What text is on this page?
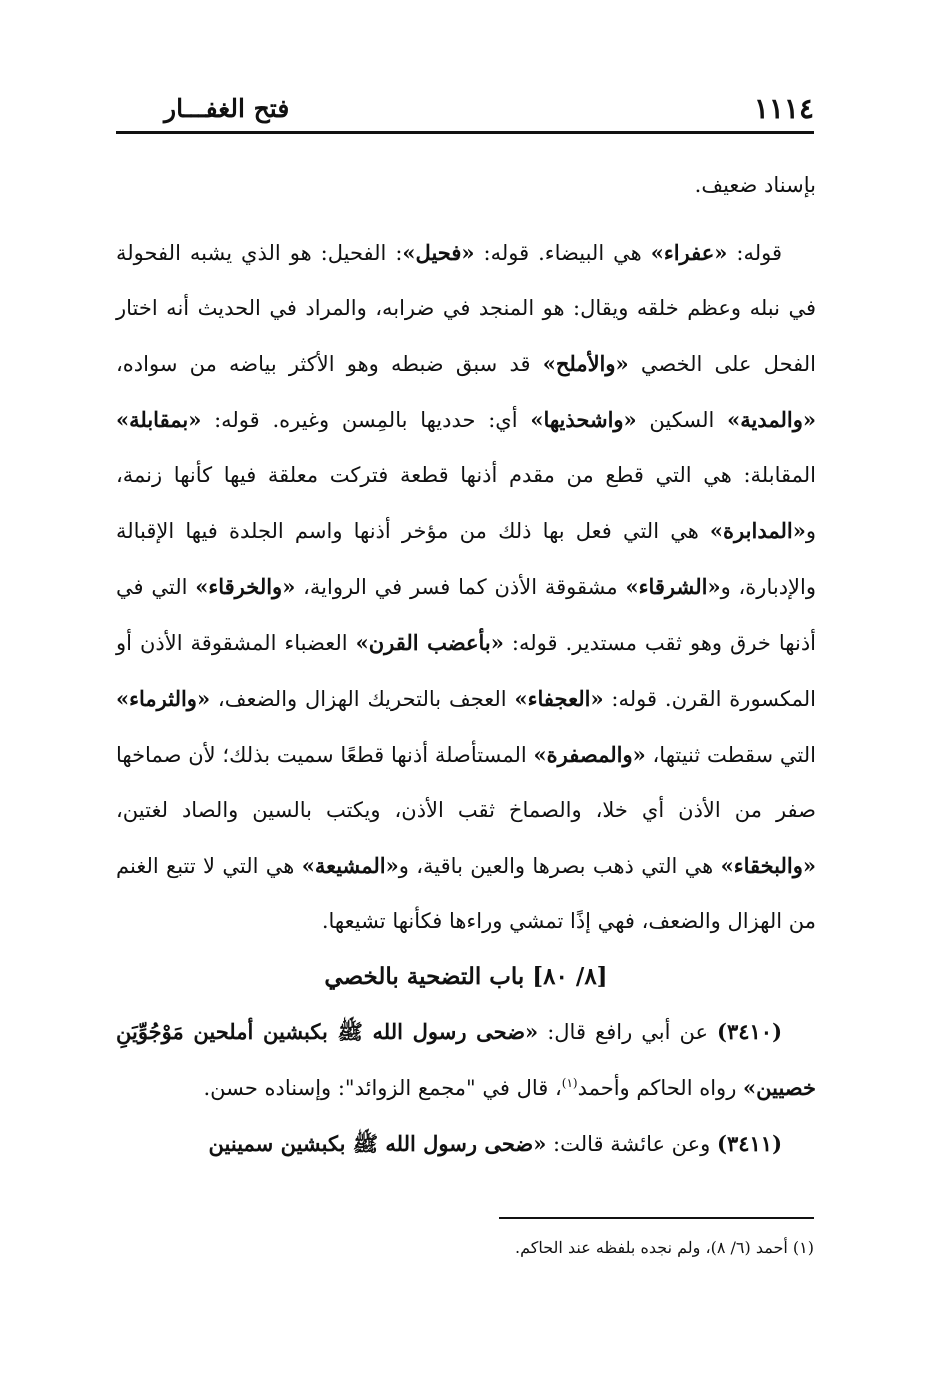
١١١٤
فتح الغفـــار

بإسناد ضعيف.

قوله: «عفراء» هي البيضاء. قوله: «فحيل»: الفحيل: هو الذي يشبه الفحولة في نبله وعظم خلقه ويقال: هو المنجد في ضرابه، والمراد في الحديث أنه اختار الفحل على الخصي «والأملح» قد سبق ضبطه وهو الأكثر بياضه من سواده، «والمدية» السكين «واشحذيها» أي: حدديها بالمِسن وغيره. قوله: «بمقابلة» المقابلة: هي التي قطع من مقدم أذنها قطعة فتركت معلقة فيها كأنها زنمة، و«المدابرة» هي التي فعل بها ذلك من مؤخر أذنها واسم الجلدة فيها الإقبالة والإدبارة، و«الشرقاء» مشقوقة الأذن كما فسر في الرواية، «والخرقاء» التي في أذنها خرق وهو ثقب مستدير. قوله: «بأعضب القرن» العضباء المشقوقة الأذن أو المكسورة القرن. قوله: «العجفاء» العجف بالتحريك الهزال والضعف، «والثرماء» التي سقطت ثنيتها، «والمصفرة» المستأصلة أذنها قطعًا سميت بذلك؛ لأن صماخها صفر من الأذن أي خلا، والصماخ ثقب الأذن، ويكتب بالسين والصاد لغتين، «والبخقاء» هي التي ذهب بصرها والعين باقية، و«المشيعة» هي التي لا تتبع الغنم من الهزال والضعف، فهي إذًا تمشي وراءها فكأنها تشيعها.

[٨/ ٨٠] باب التضحية بالخصي

(٣٤١٠) عن أبي رافع قال: «ضحى رسول الله ﷺ بكبشين أملحين مَوْجُوِّيَنِ خصيين» رواه الحاكم وأحمد$^{(١)}$، قال في "مجمع الزوائد": وإسناده حسن.

(٣٤١١) وعن عائشة قالت: «ضحى رسول الله ﷺ بكبشين سمينين

(١) أحمد (٦/ ٨)، ولم نجده بلفظه عند الحاكم.
